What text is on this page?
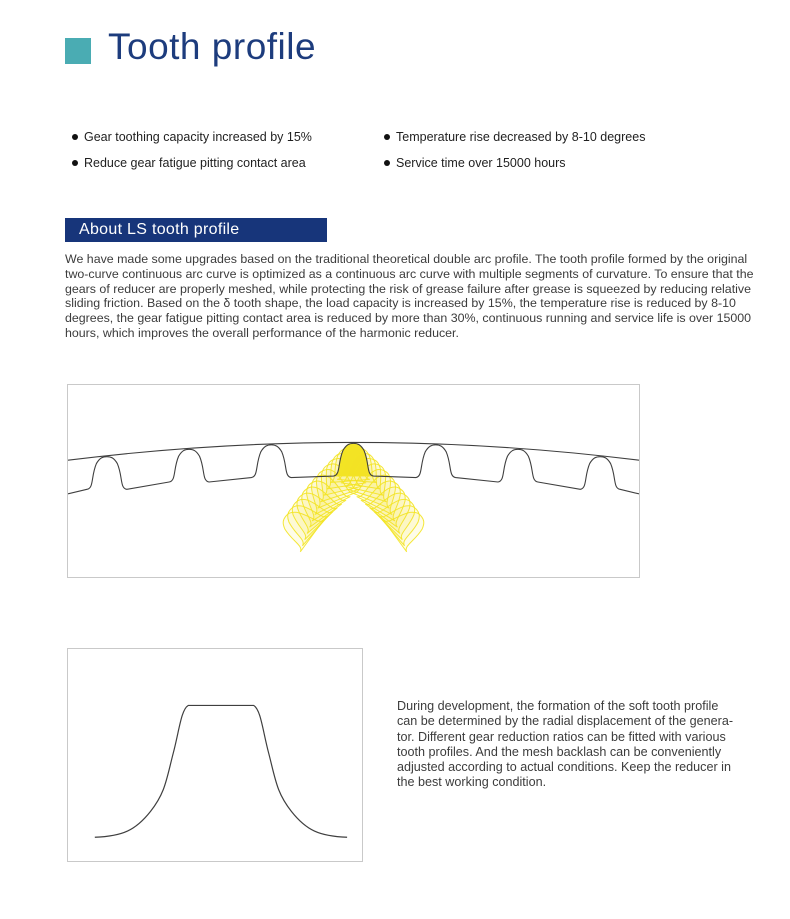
Tooth profile
Gear toothing capacity increased by 15%
Reduce gear fatigue pitting contact area
Temperature rise decreased by 8-10 degrees
Service time over 15000 hours
About LS tooth profile
We have made some upgrades based on the traditional theoretical double arc profile. The tooth profile formed by the original
two-curve continuous arc curve is optimized as a continuous arc curve with multiple segments of curvature. To ensure that the
gears of reducer are properly meshed, while protecting the risk of grease failure after grease is squeezed by reducing relative
sliding friction. Based on the δ tooth shape, the load capacity is increased by 15%, the temperature rise is reduced by 8-10
degrees, the gear fatigue pitting contact area is reduced by more than 30%, continuous running and service life is over 15000
hours, which improves the overall performance of the harmonic reducer.
During development, the formation of the soft tooth profile
can be determined by the radial displacement of the genera-
tor. Different gear reduction ratios can be fitted with various
tooth profiles. And the mesh backlash can be conveniently
adjusted according to actual conditions. Keep the reducer in
the best working condition.
